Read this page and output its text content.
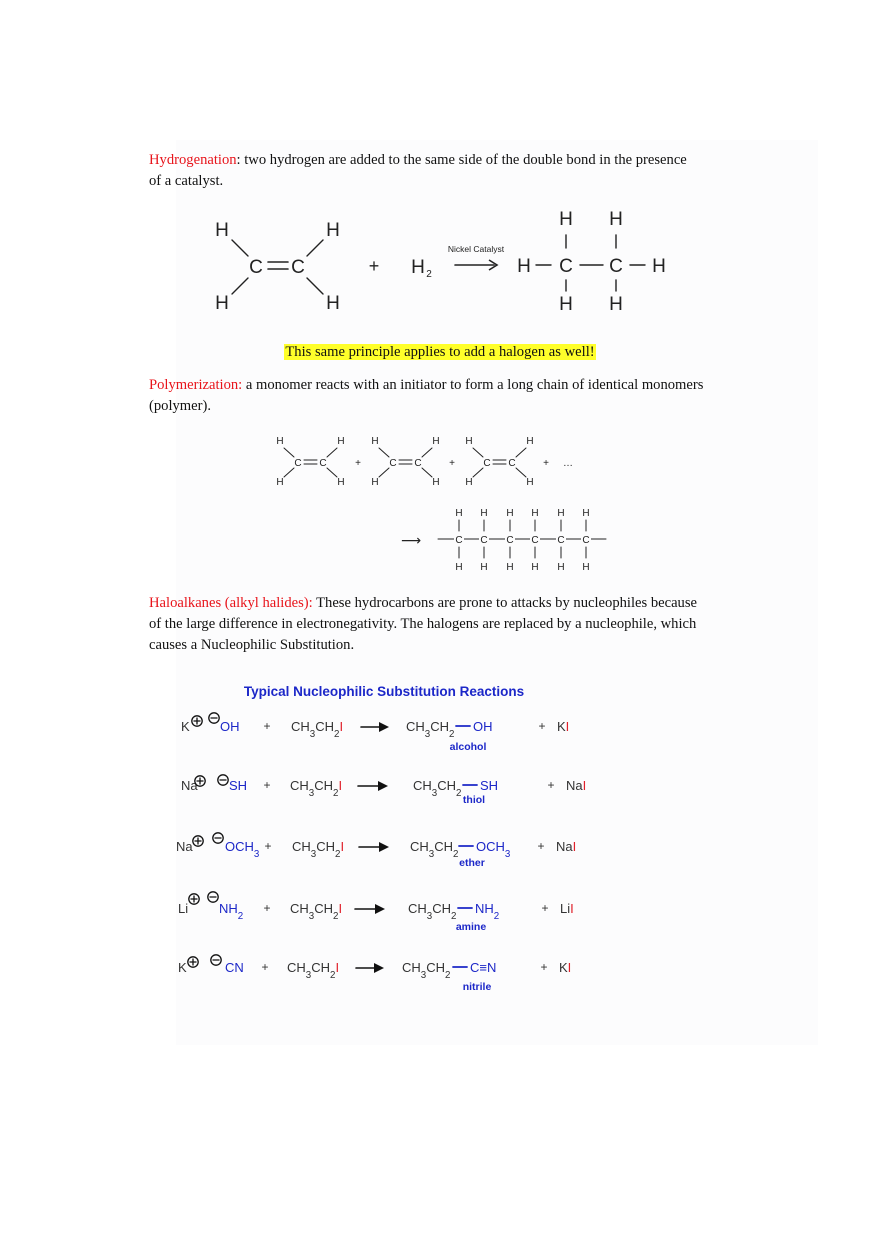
Hydrogenation: two hydrogen are added to the same side of the double bond in the presence
of a catalyst.
H	H
H	H
C C	+ H 2
Nickel Catalyst
H C C H
H H
H H
This same principle applies to add a halogen as well!
Polymerization: a monomer reacts with an initiator to form a long chain of identical monomers
(polymer).
H	H
H	H
C C
H	H
H	H
C C
H	H
H	H
C C
+	+	+ …
⟶	C
H
H
C
H
H
C
H
H
C
H
H
C
H
H
C
H
H
Haloalkanes (alkyl halides): These hydrocarbons are prone to attacks by nucleophiles because
of the large difference in electronegativity. The halogens are replaced by a nucleophile, which
causes a Nucleophilic Substitution.
Typical Nucleophilic Substitution Reactions
K OH + $CH_3CH_2I$	$CH_3CH_2$ OH
alcohol
+ KI
Na SH + $CH_3CH_2I$	$CH_3CH_2$ SH
thiol
+ NaI
Na $OCH_3$
+ $CH_3CH_2I$	$CH_3CH_2$ $OCH_3$
ether
+ NaI
Li $NH_2$
+ $CH_3CH_2I$	$CH_3CH_2$ $NH_2$
amine
+ LiI
K	CN + $CH_3CH_2I$	$CH_3CH_2$ C≡N
nitrile
+ KI
